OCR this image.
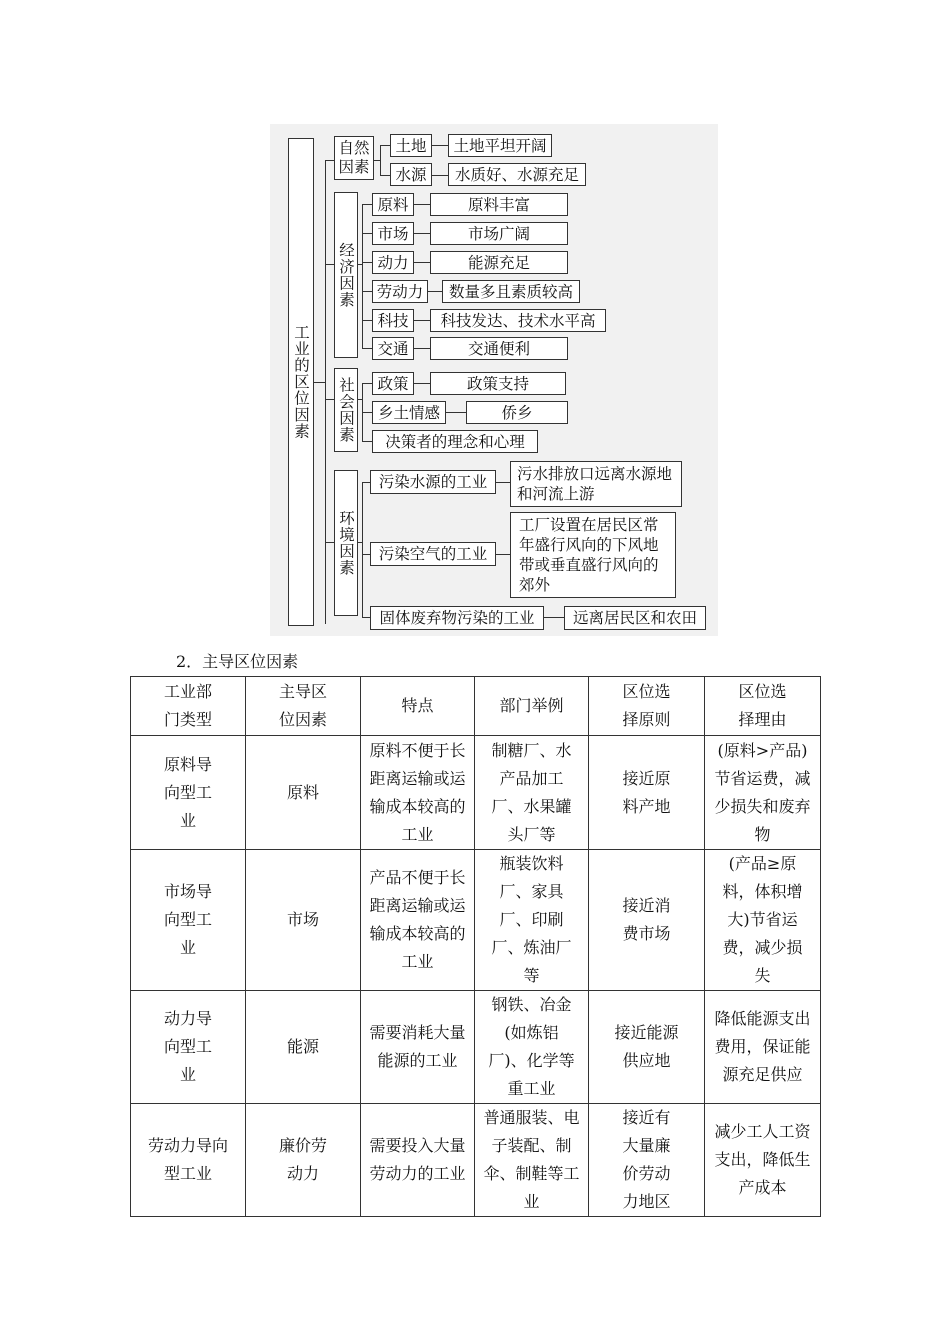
工业的区位因素
自然因素
土地
水源
土地平坦开阔
水质好、水源充足
经济因素
原料
市场
动力
劳动力
科技
交通
原料丰富
市场广阔
能源充足
数量多且素质较高
科技发达、技术水平高
交通便利
社会因素	政策
乡土情感
决策者的理念和心理
政策支持
侨乡
环境因素
污染水源的工业
污染空气的工业
固体废弃物污染的工业
污水排放口远离水源地和河流上游
工厂设置在居民区常年盛行风向的下风地带或垂直盛行风向的郊外
远离居民区和农田
2．主导区位因素
工业部门类型	主导区位因素	特点	部门举例	区位选择原则	区位选择理由
原料导向型工业	原料	原料不便于长距离运输或运输成本较高的工业	制糖厂、水产品加工厂、水果罐头厂等	接近原料产地	(原料>产品)节省运费，减少损失和废弃物
市场导向型工业	市场	产品不便于长距离运输或运输成本较高的工业	瓶装饮料厂、家具厂、印刷厂、炼油厂等	接近消费市场	(产品≥原料，体积增大)节省运费，减少损失
动力导向型工业	能源	需要消耗大量能源的工业	钢铁、冶金(如炼铝厂)、化学等重工业	接近能源供应地	降低能源支出费用，保证能源充足供应
劳动力导向型工业	廉价劳动力	需要投入大量劳动力的工业	普通服装、电子装配、制伞、制鞋等工业	接近有大量廉价劳动力地区	减少工人工资支出，降低生产成本
